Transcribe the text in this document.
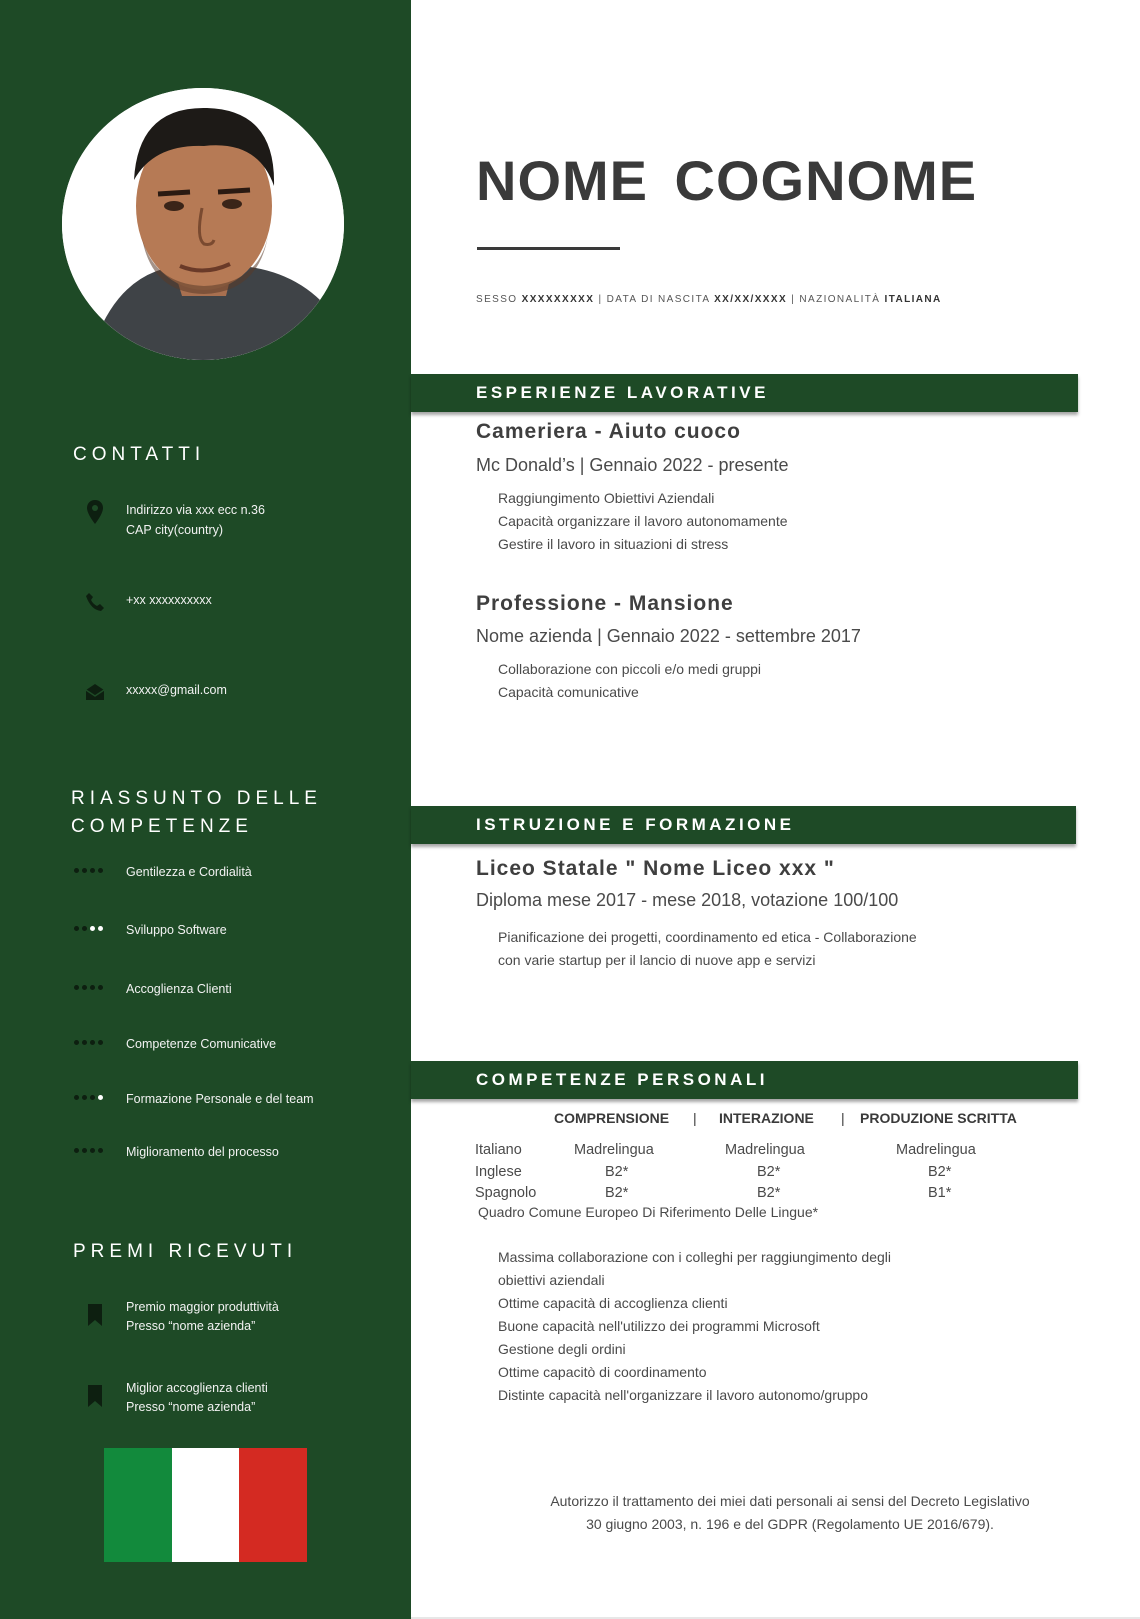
CONTATTI
Indirizzo via xxx ecc n.36
CAP city(country)
+xx xxxxxxxxxx
xxxxx@gmail.com
RIASSUNTO DELLE
COMPETENZE
Gentilezza e Cordialità
Sviluppo Software
Accoglienza Clienti
Competenze Comunicative
Formazione Personale e del team
Miglioramento del processo
PREMI RICEVUTI
Premio maggior produttività
Presso “nome azienda”
Miglior accoglienza clienti
Presso “nome azienda”
NOME COGNOME
SESSO XXXXXXXXX | DATA DI NASCITA XX/XX/XXXX | NAZIONALITÀ ITALIANA
ESPERIENZE LAVORATIVE
Cameriera - Aiuto cuoco
Mc Donald’s | Gennaio 2022 - presente
Raggiungimento Obiettivi Aziendali
Capacità organizzare il lavoro autonomamente
Gestire il lavoro in situazioni di stress
Professione - Mansione
Nome azienda | Gennaio 2022 - settembre 2017
Collaborazione con piccoli e/o medi gruppi
Capacità comunicative
ISTRUZIONE E FORMAZIONE
Liceo Statale " Nome Liceo xxx "
Diploma mese 2017 - mese 2018, votazione 100/100
Pianificazione dei progetti, coordinamento ed etica - Collaborazione
con varie startup per il lancio di nuove app e servizi
COMPETENZE PERSONALI
COMPRENSIONE | INTERAZIONE | PRODUZIONE SCRITTA
Italiano	Madrelingua	Madrelingua	Madrelingua
Inglese	B2*	B2*	B2*
Spagnolo	B2*	B2*	B1*
Quadro Comune Europeo Di Riferimento Delle Lingue*
Massima collaborazione con i colleghi per raggiungimento degli
obiettivi aziendali
Ottime capacità di accoglienza clienti
Buone capacità nell'utilizzo dei programmi Microsoft
Gestione degli ordini
Ottime capacitò di coordinamento
Distinte capacità nell'organizzare il lavoro autonomo/gruppo
Autorizzo il trattamento dei miei dati personali ai sensi del Decreto Legislativo
30 giugno 2003, n. 196 e del GDPR (Regolamento UE 2016/679).
